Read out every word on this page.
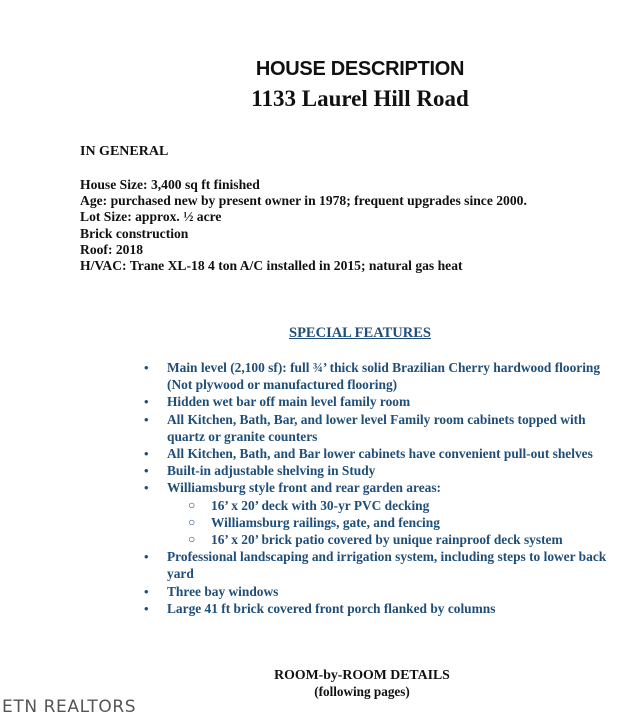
HOUSE DESCRIPTION
1133 Laurel Hill Road
IN GENERAL
House Size: 3,400 sq ft finished
Age: purchased new by present owner in 1978; frequent upgrades since 2000.
Lot Size: approx. ½ acre
Brick construction
Roof: 2018
H/VAC: Trane XL-18 4 ton A/C installed in 2015; natural gas heat
SPECIAL FEATURES
• Main level (2,100 sf): full ¾’ thick solid Brazilian Cherry hardwood flooring
(Not plywood or manufactured flooring)
• Hidden wet bar off main level family room
• All Kitchen, Bath, Bar, and lower level Family room cabinets topped with
quartz or granite counters
• All Kitchen, Bath, and Bar lower cabinets have convenient pull-out shelves
• Built-in adjustable shelving in Study
• Williamsburg style front and rear garden areas:
○ 16’ x 20’ deck with 30-yr PVC decking
○ Williamsburg railings, gate, and fencing
○ 16’ x 20’ brick patio covered by unique rainproof deck system
• Professional landscaping and irrigation system, including steps to lower back
yard
• Three bay windows
• Large 41 ft brick covered front porch flanked by columns
ROOM-by-ROOM DETAILS
(following pages)
ETN REALTORS
